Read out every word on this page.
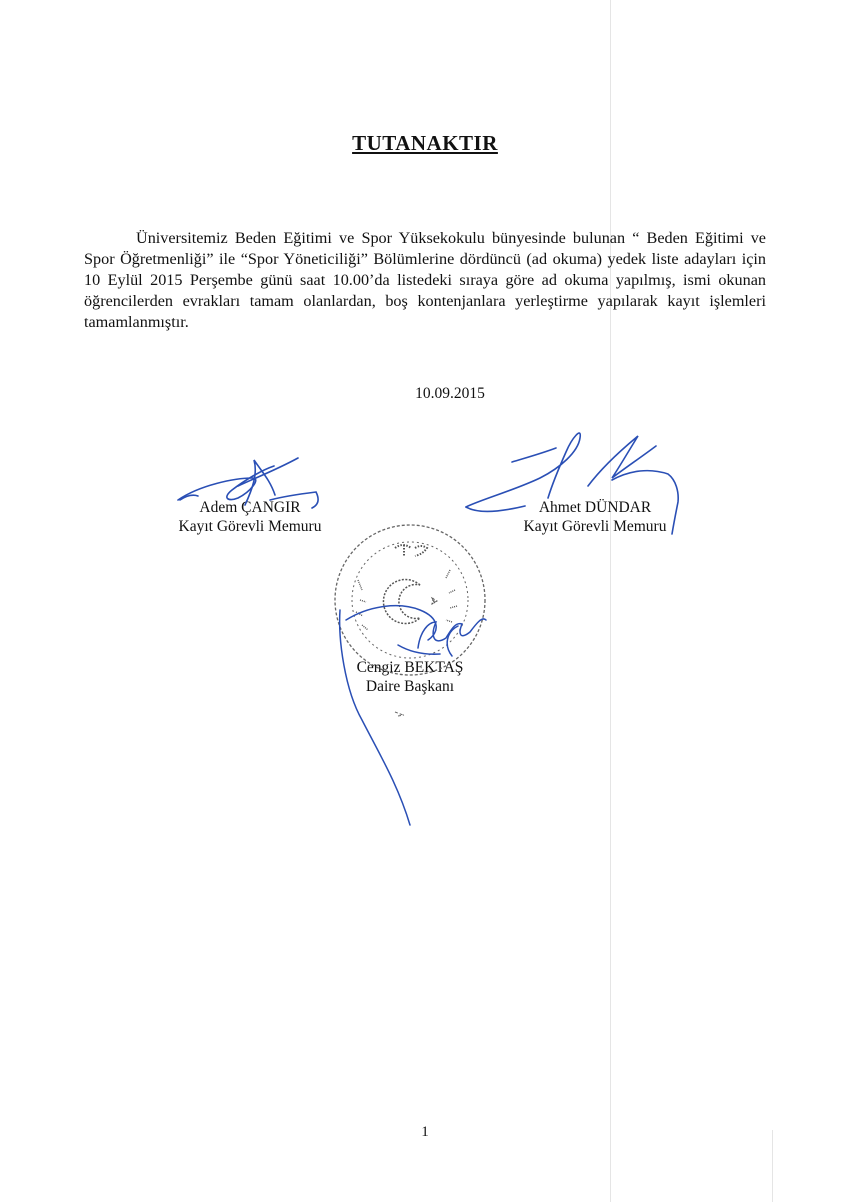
TUTANAKTIR
Üniversitemiz Beden Eğitimi ve Spor Yüksekokulu bünyesinde bulunan “ Beden Eğitimi ve Spor Öğretmenliği” ile “Spor Yöneticiliği” Bölümlerine dördüncü (ad okuma) yedek liste adayları için 10 Eylül 2015 Perşembe günü saat 10.00’da listedeki sıraya göre ad okuma yapılmış, ismi okunan öğrencilerden evrakları tamam olanlardan, boş kontenjanlara yerleştirme yapılarak kayıt işlemleri tamamlanmıştır.
10.09.2015
Adem ÇANGIR
Kayıt Görevli Memuru
Ahmet DÜNDAR
Kayıt Görevli Memuru
Cengiz BEKTAŞ
Daire Başkanı
1
